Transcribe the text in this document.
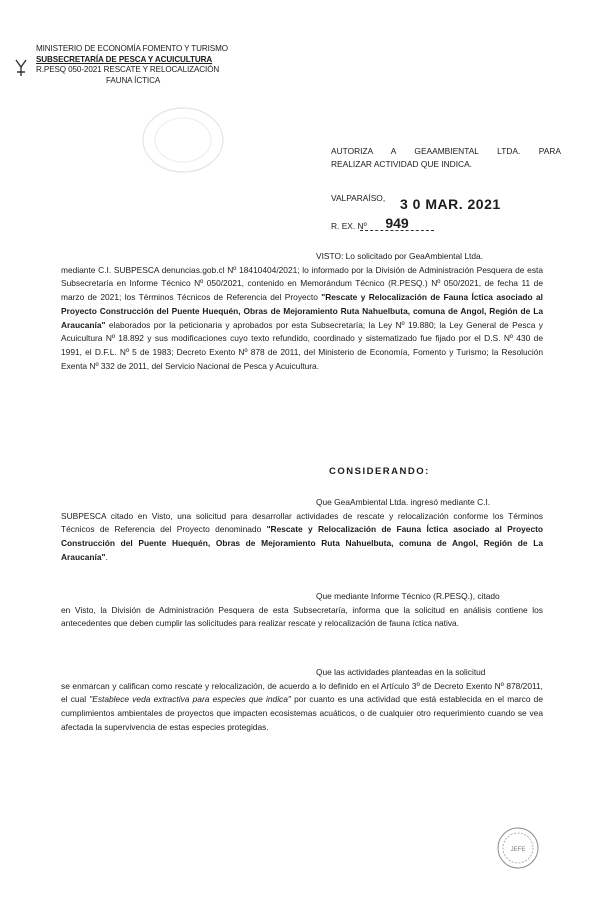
MINISTERIO DE ECONOMÍA FOMENTO Y TURISMO
SUBSECRETARÍA DE PESCA Y ACUICULTURA
R.PESQ 050-2021 RESCATE Y RELOCALIZACIÓN
FAUNA ÍCTICA
AUTORIZA A GEAAMBIENTAL LTDA. PARA
REALIZAR ACTIVIDAD QUE INDICA.
VALPARAÍSO, 3 0 MAR. 2021
R. EX. Nº	949
VISTO: Lo solicitado por GeaAmbiental Ltda.
mediante C.I. SUBPESCA denuncias.gob.cl Nº 18410404/2021; lo informado por la División de Administración Pesquera de esta Subsecretaría en Informe Técnico Nº 050/2021, contenido en Memorándum Técnico (R.PESQ.) Nº 050/2021, de fecha 11 de marzo de 2021; los Términos Técnicos de Referencia del Proyecto "Rescate y Relocalización de Fauna Íctica asociado al Proyecto Construcción del Puente Huequén, Obras de Mejoramiento Ruta Nahuelbuta, comuna de Angol, Región de La Araucanía" elaborados por la peticionaria y aprobados por esta Subsecretaría; la Ley Nº 19.880; la Ley General de Pesca y Acuicultura Nº 18.892 y sus modificaciones cuyo texto refundido, coordinado y sistematizado fue fijado por el D.S. Nº 430 de 1991, el D.F.L. Nº 5 de 1983; Decreto Exento Nº 878 de 2011, del Ministerio de Economía, Fomento y Turismo; la Resolución Exenta Nº 332 de 2011, del Servicio Nacional de Pesca y Acuicultura.
CONSIDERANDO:
Que GeaAmbiental Ltda. ingresó mediante C.I.
SUBPESCA citado en Visto, una solicitud para desarrollar actividades de rescate y relocalización conforme los Términos Técnicos de Referencia del Proyecto denominado "Rescate y Relocalización de Fauna Íctica asociado al Proyecto Construcción del Puente Huequén, Obras de Mejoramiento Ruta Nahuelbuta, comuna de Angol, Región de La Araucanía".
Que mediante Informe Técnico (R.PESQ.), citado
en Visto, la División de Administración Pesquera de esta Subsecretaría, informa que la solicitud en análisis contiene los antecedentes que deben cumplir las solicitudes para realizar rescate y relocalización de fauna íctica nativa.
Que las actividades planteadas en la solicitud
se enmarcan y califican como rescate y relocalización, de acuerdo a lo definido en el Artículo 3º de Decreto Exento Nº 878/2011, el cual "Establece veda extractiva para especies que indica" por cuanto es una actividad que está establecida en el marco de cumplimientos ambientales de proyectos que impacten ecosistemas acuáticos, o de cualquier otro requerimiento cuando se vea afectada la supervivencia de estas especies protegidas.
JEFE
